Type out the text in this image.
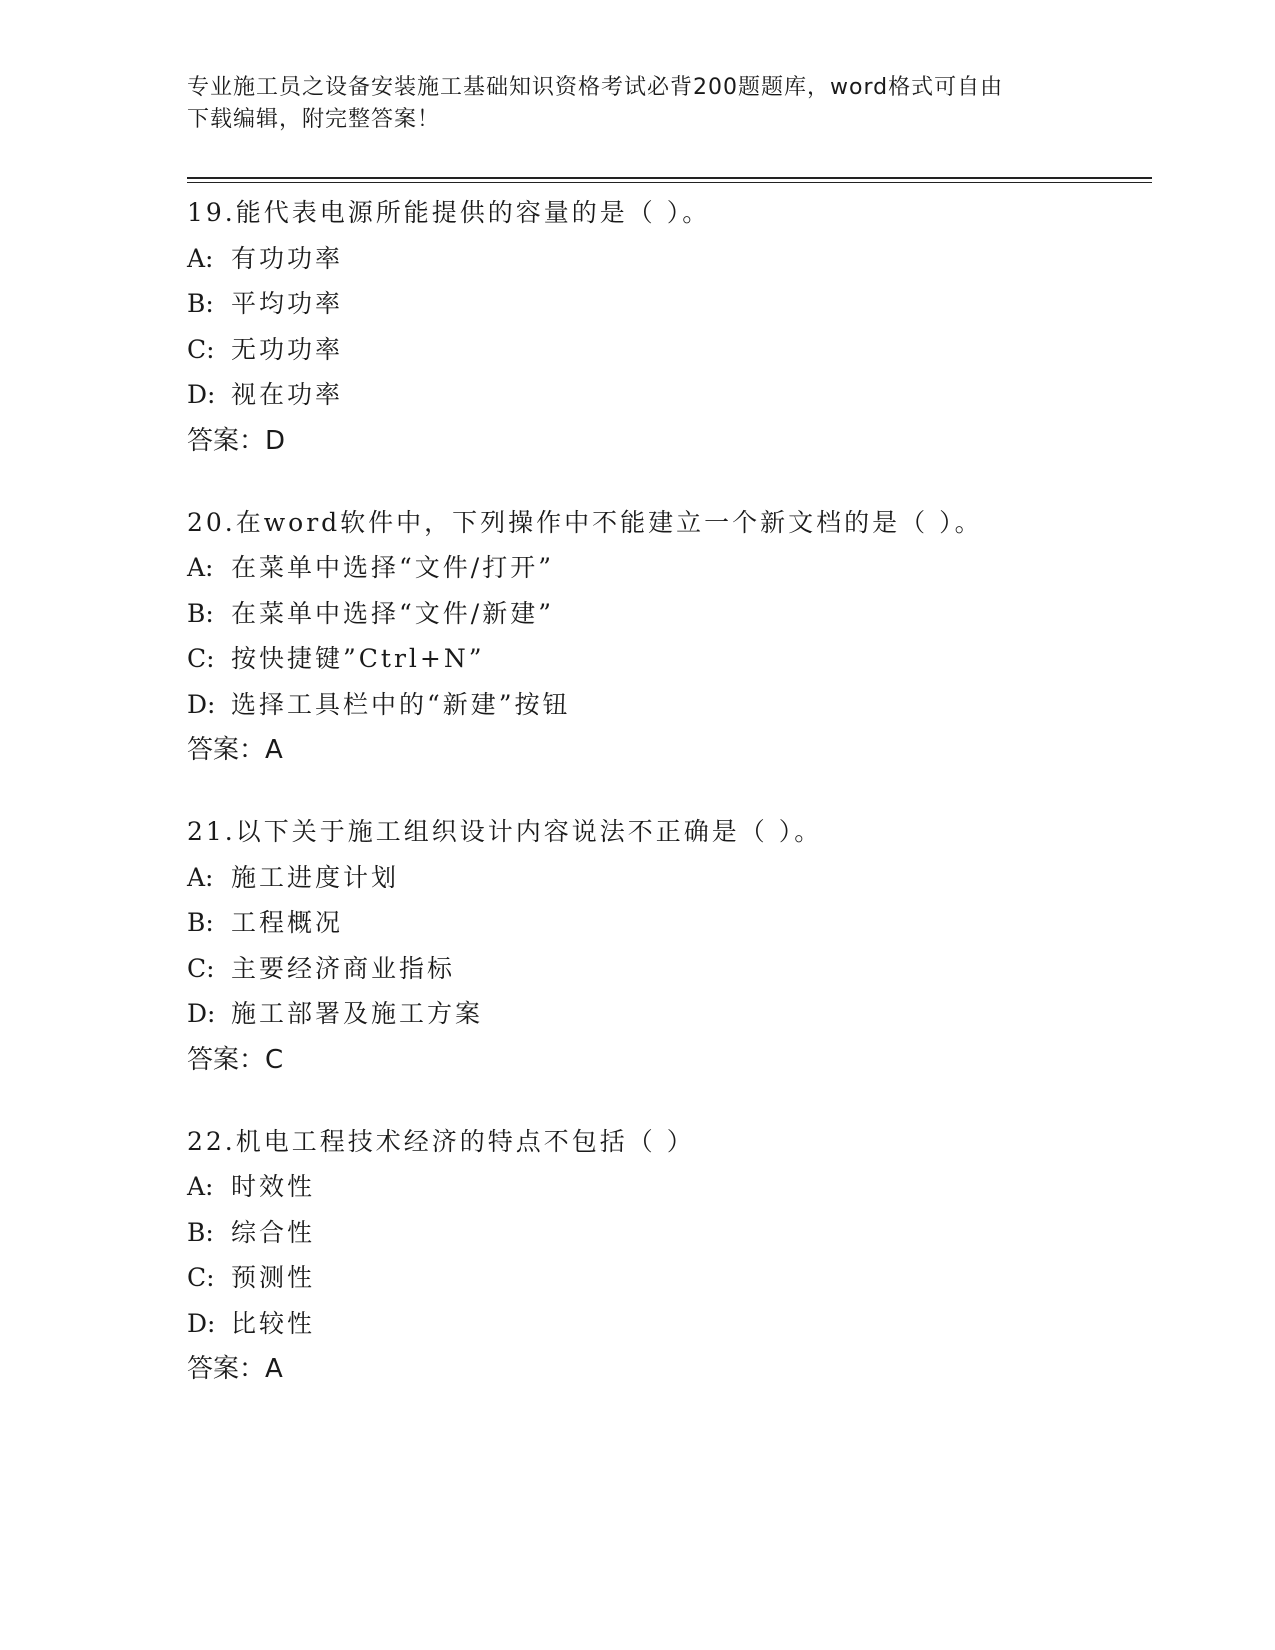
专业施工员之设备安装施工基础知识资格考试必背200题题库，word格式可自由
下载编辑，附完整答案！
19.能代表电源所能提供的容量的是（ ）。
A: 有功功率
B: 平均功率
C: 无功功率
D: 视在功率
答案：D
20.在word软件中，下列操作中不能建立一个新文档的是（ ）。
A: 在菜单中选择“文件/打开”
B: 在菜单中选择“文件/新建”
C: 按快捷键”Ctrl+N”
D: 选择工具栏中的“新建”按钮
答案：A
21.以下关于施工组织设计内容说法不正确是（ ）。
A: 施工进度计划
B: 工程概况
C: 主要经济商业指标
D: 施工部署及施工方案
答案：C
22.机电工程技术经济的特点不包括（ ）
A: 时效性
B: 综合性
C: 预测性
D: 比较性
答案：A
